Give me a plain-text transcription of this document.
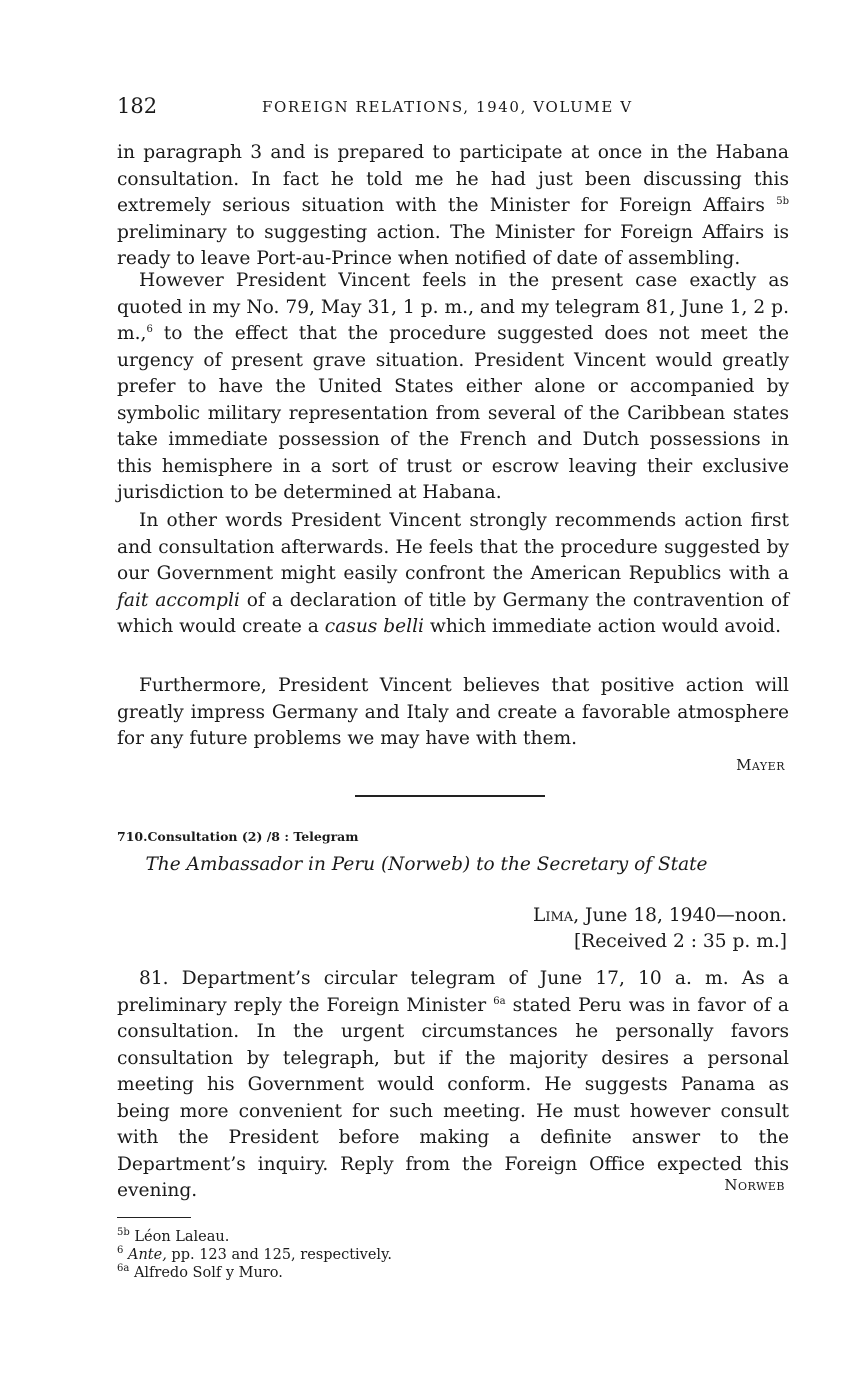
182	FOREIGN RELATIONS, 1940, VOLUME V

in paragraph 3 and is prepared to participate at once in the Habana consultation. In fact he told me he had just been discussing this extremely serious situation with the Minister for Foreign Affairs $^{5b}$ preliminary to suggesting action. The Minister for Foreign Affairs is ready to leave Port-au-Prince when notified of date of assembling.

However President Vincent feels in the present case exactly as quoted in my No. 79, May 31, 1 p. m., and my telegram 81, June 1, 2 p. m.,$^6$ to the effect that the procedure suggested does not meet the urgency of present grave situation. President Vincent would greatly prefer to have the United States either alone or accompanied by symbolic military representation from several of the Caribbean states take immediate possession of the French and Dutch possessions in this hemisphere in a sort of trust or escrow leaving their exclusive jurisdiction to be determined at Habana.

In other words President Vincent strongly recommends action first and consultation afterwards. He feels that the procedure suggested by our Government might easily confront the American Republics with a fait accompli of a declaration of title by Germany the contravention of which would create a casus belli which immediate action would avoid.

Furthermore, President Vincent believes that positive action will greatly impress Germany and Italy and create a favorable atmosphere for any future problems we may have with them.

Mayer
710.Consultation (2) /8 : Telegram
The Ambassador in Peru (Norweb) to the Secretary of State
Lima, June 18, 1940—noon.
[Received 2 : 35 p. m.]

81. Department’s circular telegram of June 17, 10 a. m. As a preliminary reply the Foreign Minister $^{6a}$ stated Peru was in favor of a consultation. In the urgent circumstances he personally favors consultation by telegraph, but if the majority desires a personal meeting his Government would conform. He suggests Panama as being more convenient for such meeting. He must however consult with the President before making a definite answer to the Department’s inquiry. Reply from the Foreign Office expected this evening.	Norweb
$^{5b}$ Léon Laleau.
$^6$ Ante, pp. 123 and 125, respectively.
$^{6a}$ Alfredo Solf y Muro.
